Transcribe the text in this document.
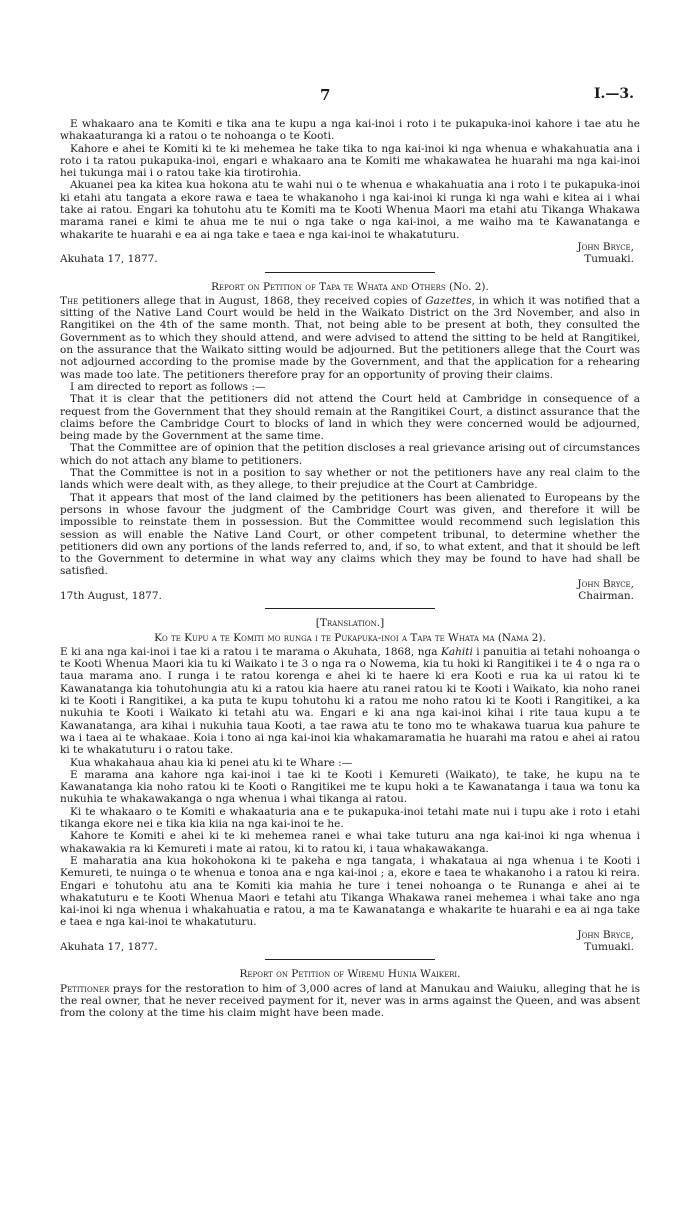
7	I.—3.

E whakaaro ana te Komiti e tika ana te kupu a nga kai-inoi i roto i te pukapuka-inoi kahore i tae atu he whakaaturanga ki a ratou o te nohoanga o te Kooti.

Kahore e ahei te Komiti ki te ki mehemea he take tika to nga kai-inoi ki nga whenua e whakahuatia ana i roto i ta ratou pukapuka-inoi, engari e whakaaro ana te Komiti me whakawatea he huarahi ma nga kai-inoi hei tukunga mai i o ratou take kia tirotirohia.

Akuanei pea ka kitea kua hokona atu te wahi nui o te whenua e whakahuatia ana i roto i te pukapuka-inoi ki etahi atu tangata a ekore rawa e taea te whakanoho i nga kai-inoi ki runga ki nga wahi e kitea ai i whai take ai ratou. Engari ka tohutohu atu te Komiti ma te Kooti Whenua Maori ma etahi atu Tikanga Whakawa marama ranei e kimi te ahua me te nui o nga take o nga kai-inoi, a me waiho ma te Kawanatanga e whakarite te huarahi e ea ai nga take e taea e nga kai-inoi te whakatuturu.

John Bryce,
Akuhata 17, 1877.	Tumuaki.
Report on Petition of Tapa te Whata and Others (No. 2).

The petitioners allege that in August, 1868, they received copies of Gazettes, in which it was notified that a sitting of the Native Land Court would be held in the Waikato District on the 3rd November, and also in Rangitikei on the 4th of the same month. That, not being able to be present at both, they consulted the Government as to which they should attend, and were advised to attend the sitting to be held at Rangitikei, on the assurance that the Waikato sitting would be adjourned. But the petitioners allege that the Court was not adjourned according to the promise made by the Government, and that the application for a rehearing was made too late. The petitioners therefore pray for an opportunity of proving their claims.

I am directed to report as follows :—

That it is clear that the petitioners did not attend the Court held at Cambridge in consequence of a request from the Government that they should remain at the Rangitikei Court, a distinct assurance that the claims before the Cambridge Court to blocks of land in which they were concerned would be adjourned, being made by the Government at the same time.

That the Committee are of opinion that the petition discloses a real grievance arising out of circumstances which do not attach any blame to petitioners.

That the Committee is not in a position to say whether or not the petitioners have any real claim to the lands which were dealt with, as they allege, to their prejudice at the Court at Cambridge.

That it appears that most of the land claimed by the petitioners has been alienated to Europeans by the persons in whose favour the judgment of the Cambridge Court was given, and therefore it will be impossible to reinstate them in possession. But the Committee would recommend such legislation this session as will enable the Native Land Court, or other competent tribunal, to determine whether the petitioners did own any portions of the lands referred to, and, if so, to what extent, and that it should be left to the Government to determine in what way any claims which they may be found to have had shall be satisfied.

John Bryce,
17th August, 1877.	Chairman.
[Translation.]
Ko te Kupu a te Komiti mo runga i te Pukapuka-inoi a Tapa te Whata ma (Nama 2).

E ki ana nga kai-inoi i tae ki a ratou i te marama o Akuhata, 1868, nga Kahiti i panuitia ai tetahi nohoanga o te Kooti Whenua Maori kia tu ki Waikato i te 3 o nga ra o Nowema, kia tu hoki ki Rangitikei i te 4 o nga ra o taua marama ano. I runga i te ratou korenga e ahei ki te haere ki era Kooti e rua ka ui ratou ki te Kawanatanga kia tohutohungia atu ki a ratou kia haere atu ranei ratou ki te Kooti i Waikato, kia noho ranei ki te Kooti i Rangitikei, a ka puta te kupu tohutohu ki a ratou me noho ratou ki te Kooti i Rangitikei, a ka nukuhia te Kooti i Waikato ki tetahi atu wa. Engari e ki ana nga kai-inoi kihai i rite taua kupu a te Kawanatanga, ara kihai i nukuhia taua Kooti, a tae rawa atu te tono mo te whakawa tuarua kua pahure te wa i taea ai te whakaae. Koia i tono ai nga kai-inoi kia whakamaramatia he huarahi ma ratou e ahei ai ratou ki te whakatuturu i o ratou take.

Kua whakahaua ahau kia ki penei atu ki te Whare :—

E marama ana kahore nga kai-inoi i tae ki te Kooti i Kemureti (Waikato), te take, he kupu na te Kawanatanga kia noho ratou ki te Kooti o Rangitikei me te kupu hoki a te Kawanatanga i taua wa tonu ka nukuhia te whakawakanga o nga whenua i whai tikanga ai ratou.

Ki te whakaaro o te Komiti e whakaaturia ana e te pukapuka-inoi tetahi mate nui i tupu ake i roto i etahi tikanga ekore nei e tika kia kiia na nga kai-inoi te he.

Kahore te Komiti e ahei ki te ki mehemea ranei e whai take tuturu ana nga kai-inoi ki nga whenua i whakawakia ra ki Kemureti i mate ai ratou, ki to ratou ki, i taua whakawakanga.

E maharatia ana kua hokohokona ki te pakeha e nga tangata, i whakataua ai nga whenua i te Kooti i Kemureti, te nuinga o te whenua e tonoa ana e nga kai-inoi ; a, ekore e taea te whakanoho i a ratou ki reira. Engari e tohutohu atu ana te Komiti kia mahia he ture i tenei nohoanga o te Runanga e ahei ai te whakatuturu e te Kooti Whenua Maori e tetahi atu Tikanga Whakawa ranei mehemea i whai take ano nga kai-inoi ki nga whenua i whakahuatia e ratou, a ma te Kawanatanga e whakarite te huarahi e ea ai nga take e taea e nga kai-inoi te whakatuturu.

John Bryce,
Akuhata 17, 1877.	Tumuaki.
Report on Petition of Wiremu Hunia Waikeri.

Petitioner prays for the restoration to him of 3,000 acres of land at Manukau and Waiuku, alleging that he is the real owner, that he never received payment for it, never was in arms against the Queen, and was absent from the colony at the time his claim might have been made.
